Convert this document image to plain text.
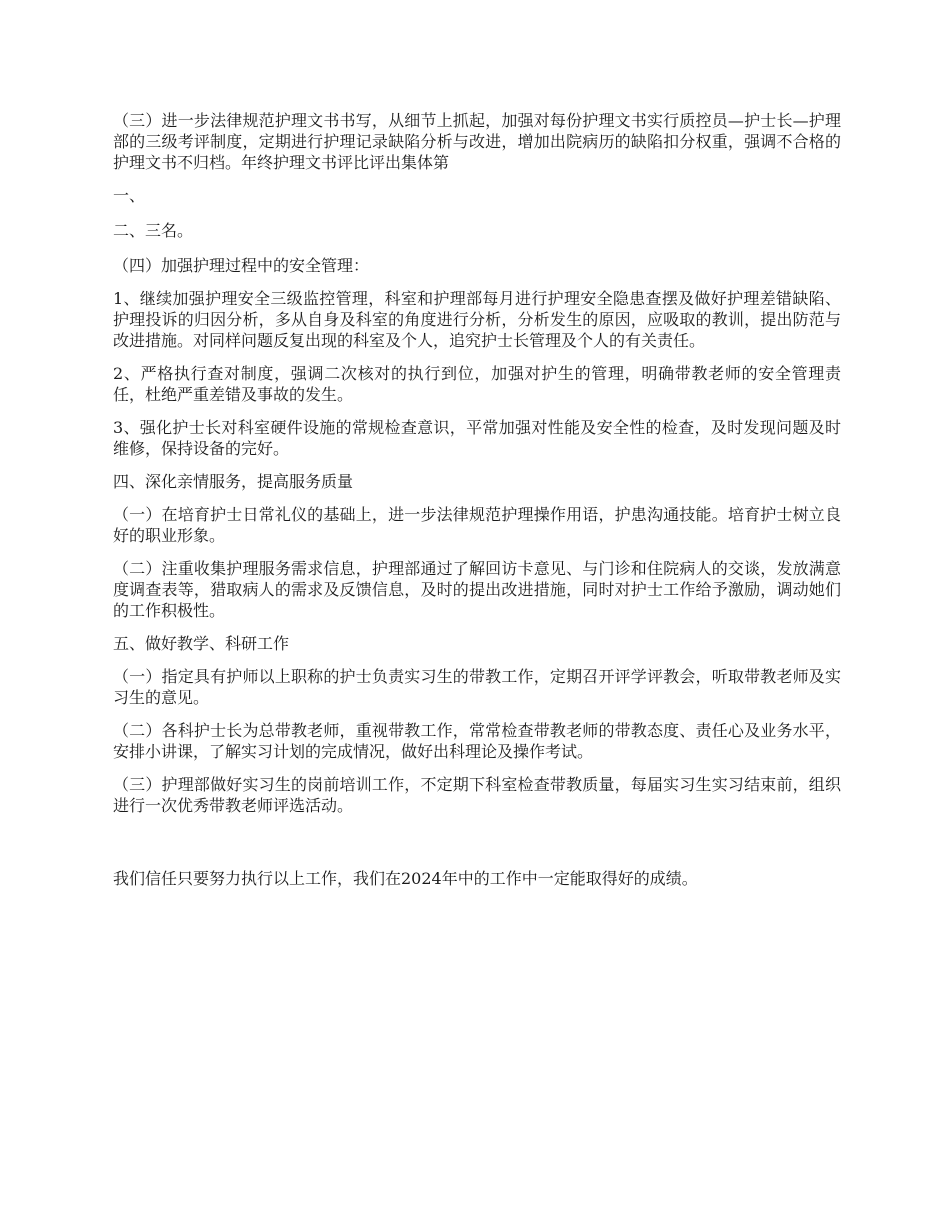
（三）进一步法律规范护理文书书写，从细节上抓起，加强对每份护理文书实行质控员—护士长—护理部的三级考评制度，定期进行护理记录缺陷分析与改进，增加出院病历的缺陷扣分权重，强调不合格的护理文书不归档。年终护理文书评比评出集体第

一、

二、三名。

（四）加强护理过程中的安全管理：

1、继续加强护理安全三级监控管理，科室和护理部每月进行护理安全隐患查摆及做好护理差错缺陷、护理投诉的归因分析，多从自身及科室的角度进行分析，分析发生的原因，应吸取的教训，提出防范与改进措施。对同样问题反复出现的科室及个人，追究护士长管理及个人的有关责任。

2、严格执行查对制度，强调二次核对的执行到位，加强对护生的管理，明确带教老师的安全管理责任，杜绝严重差错及事故的发生。

3、强化护士长对科室硬件设施的常规检查意识，平常加强对性能及安全性的检查，及时发现问题及时维修，保持设备的完好。

四、深化亲情服务，提高服务质量

（一）在培育护士日常礼仪的基础上，进一步法律规范护理操作用语，护患沟通技能。培育护士树立良好的职业形象。

（二）注重收集护理服务需求信息，护理部通过了解回访卡意见、与门诊和住院病人的交谈，发放满意度调查表等，猎取病人的需求及反馈信息，及时的提出改进措施，同时对护士工作给予激励，调动她们的工作积极性。

五、做好教学、科研工作

（一）指定具有护师以上职称的护士负责实习生的带教工作，定期召开评学评教会，听取带教老师及实习生的意见。

（二）各科护士长为总带教老师，重视带教工作，常常检查带教老师的带教态度、责任心及业务水平，安排小讲课，了解实习计划的完成情况，做好出科理论及操作考试。

（三）护理部做好实习生的岗前培训工作，不定期下科室检查带教质量，每届实习生实习结束前，组织进行一次优秀带教老师评选活动。

我们信任只要努力执行以上工作，我们在2024年中的工作中一定能取得好的成绩。
